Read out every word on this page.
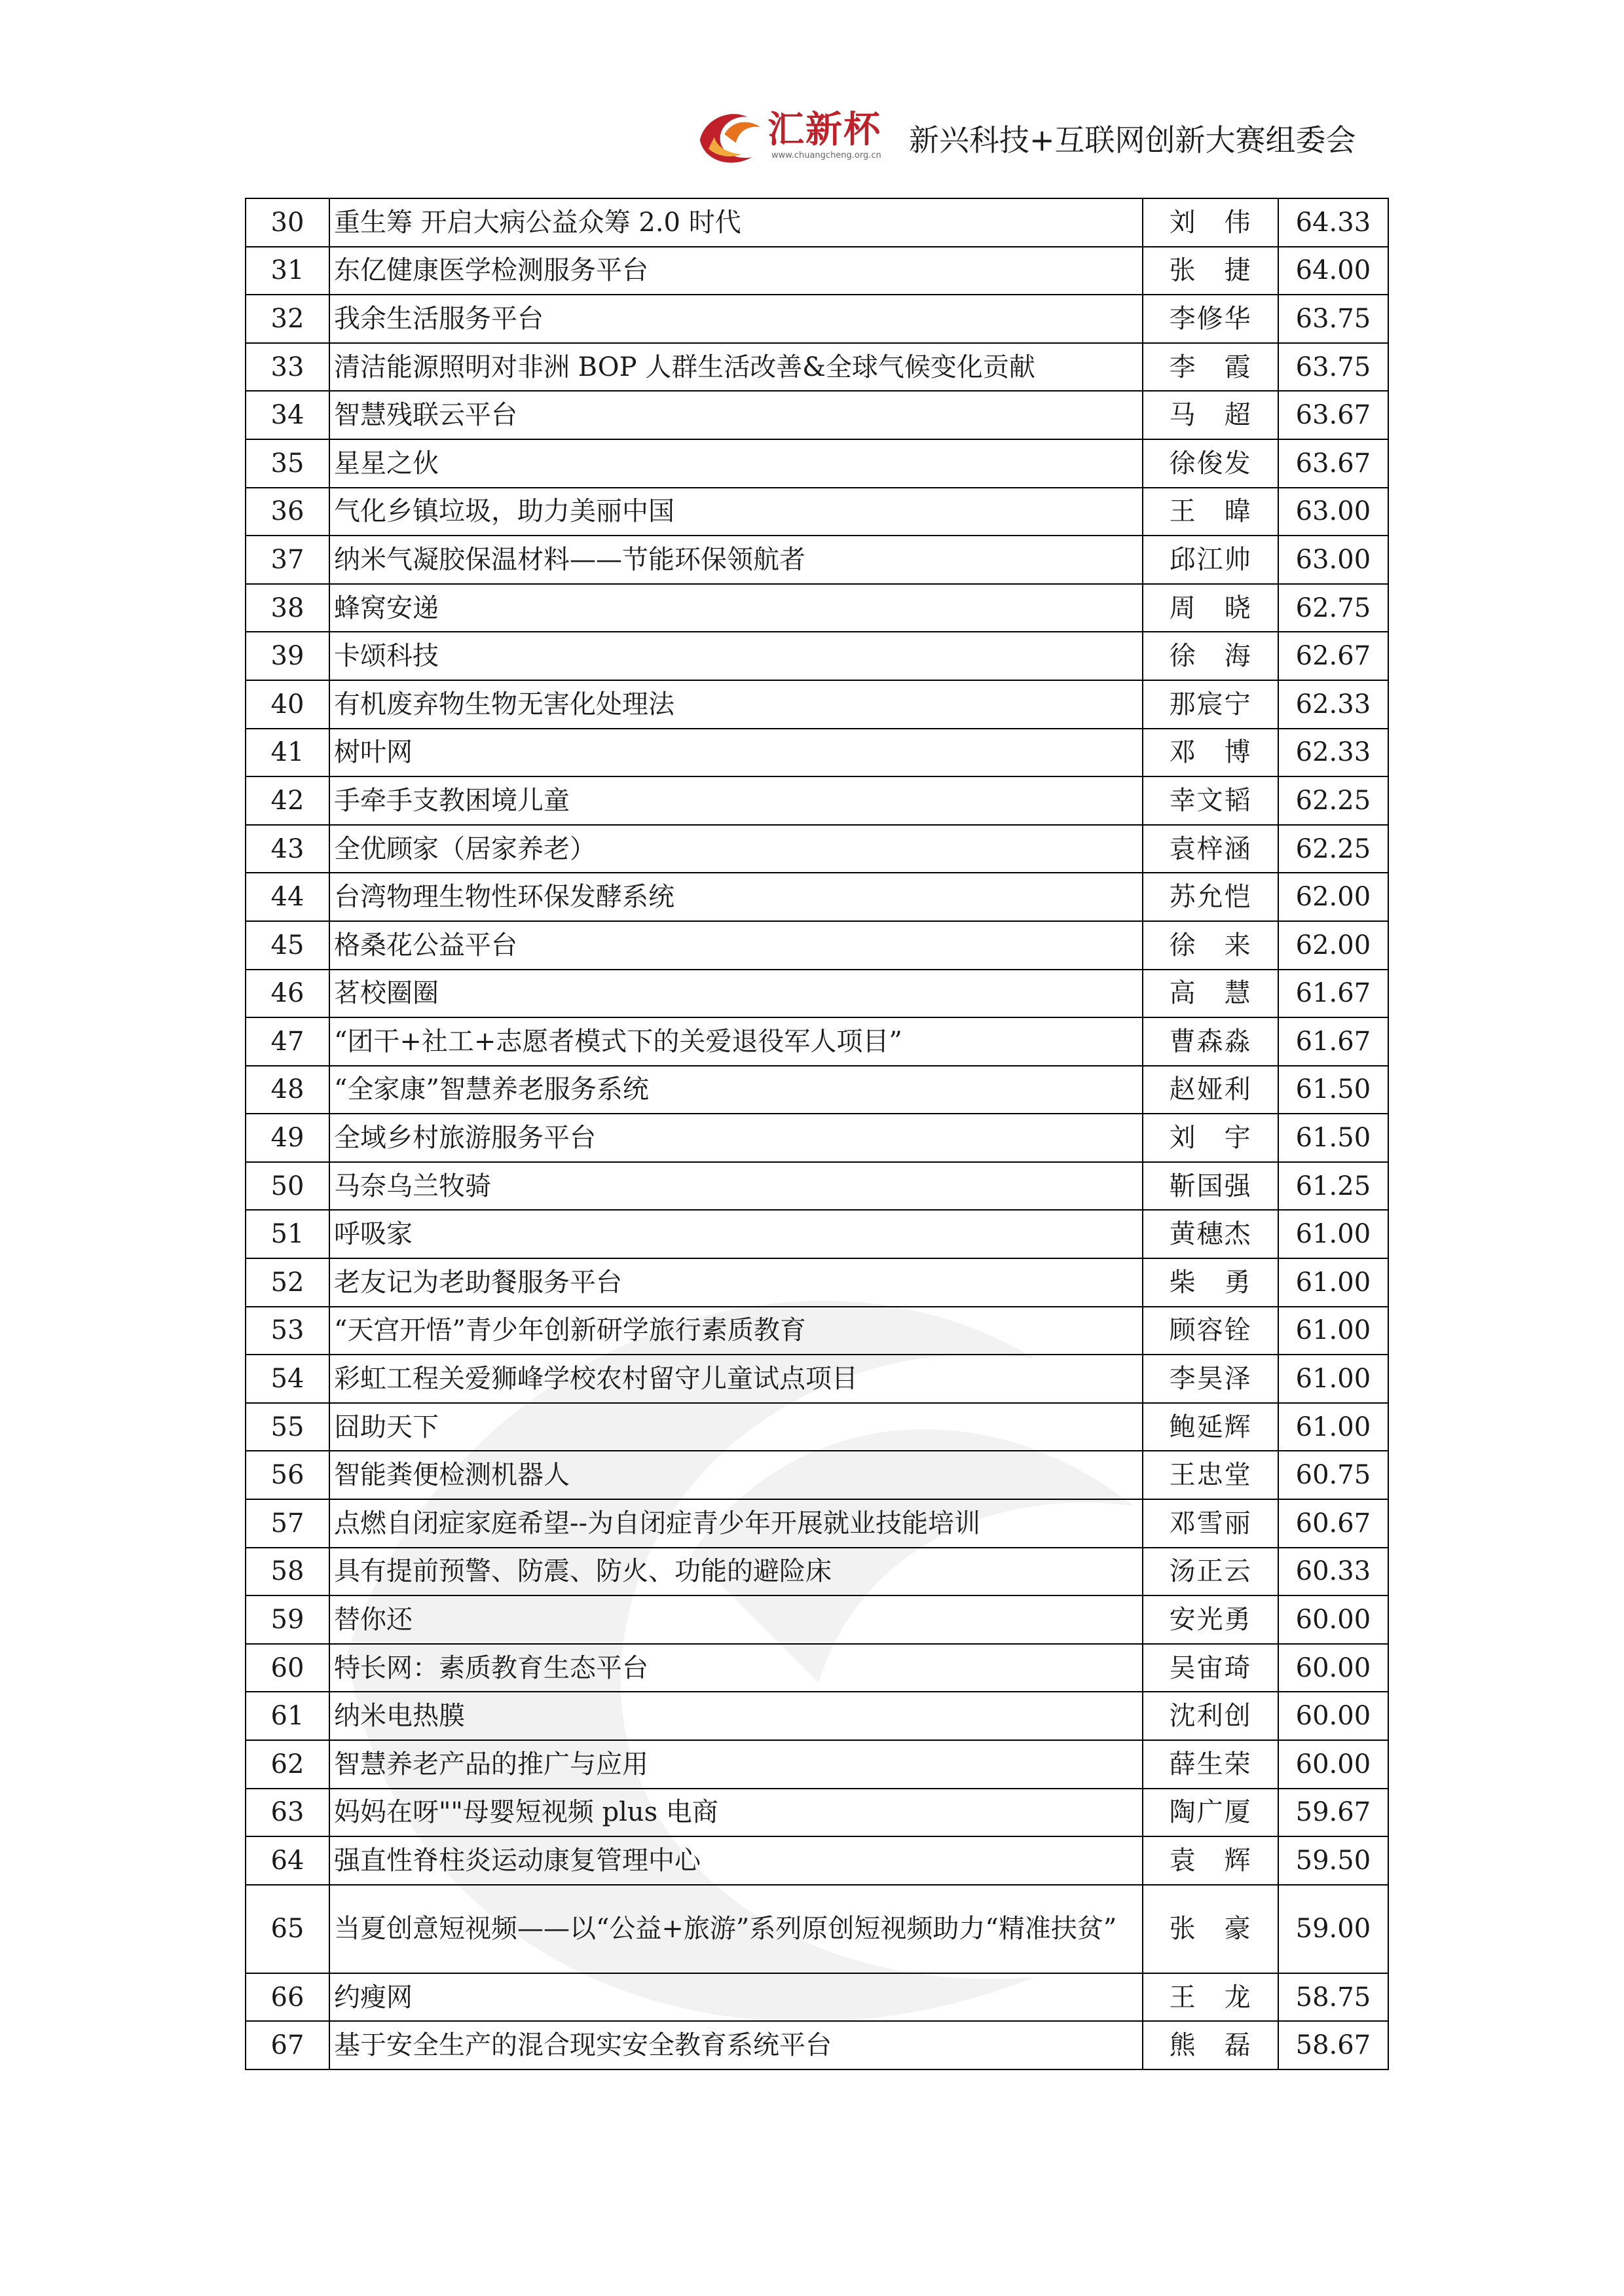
汇新杯
www.chuangcheng.org.cn 新兴科技+互联网创新大赛组委会
30	重生筹 开启大病公益众筹 2.0 时代	刘　伟	64.33
31	东亿健康医学检测服务平台	张　捷	64.00
32	我余生活服务平台	李修华	63.75
33	清洁能源照明对非洲 BOP 人群生活改善&全球气候变化贡献	李　霞	63.75
34	智慧残联云平台	马　超	63.67
35	星星之伙	徐俊发	63.67
36	气化乡镇垃圾，助力美丽中国	王　暐	63.00
37	纳米气凝胶保温材料——节能环保领航者	邱江帅	63.00
38	蜂窝安递	周　晓	62.75
39	卡颂科技	徐　海	62.67
40	有机废弃物生物无害化处理法	那宸宁	62.33
41	树叶网	邓　博	62.33
42	手牵手支教困境儿童	幸文韬	62.25
43	全优顾家（居家养老）	袁梓涵	62.25
44	台湾物理生物性环保发酵系统	苏允恺	62.00
45	格桑花公益平台	徐　来	62.00
46	茗校圈圈	高　慧	61.67
47	“团干+社工+志愿者模式下的关爱退役军人项目”	曹森淼	61.67
48	“全家康”智慧养老服务系统	赵娅利	61.50
49	全域乡村旅游服务平台	刘　宇	61.50
50	马奈乌兰牧骑	靳国强	61.25
51	呼吸家	黄穗杰	61.00
52	老友记为老助餐服务平台	柴　勇	61.00
53	“天宫开悟”青少年创新研学旅行素质教育	顾容铨	61.00
54	彩虹工程关爱狮峰学校农村留守儿童试点项目	李昊泽	61.00
55	囧助天下	鲍延辉	61.00
56	智能粪便检测机器人	王忠堂	60.75
57	点燃自闭症家庭希望--为自闭症青少年开展就业技能培训	邓雪丽	60.67
58	具有提前预警、防震、防火、功能的避险床	汤正云	60.33
59	替你还	安光勇	60.00
60	特长网：素质教育生态平台	吴宙琦	60.00
61	纳米电热膜	沈利创	60.00
62	智慧养老产品的推广与应用	薛生荣	60.00
63	妈妈在呀""母婴短视频 plus 电商	陶广厦	59.67
64	强直性脊柱炎运动康复管理中心	袁　辉	59.50
65	当夏创意短视频——以“公益+旅游”系列原创短视频助力“精准扶贫”	张　豪	59.00
66	约瘦网	王　龙	58.75
67	基于安全生产的混合现实安全教育系统平台	熊　磊	58.67
